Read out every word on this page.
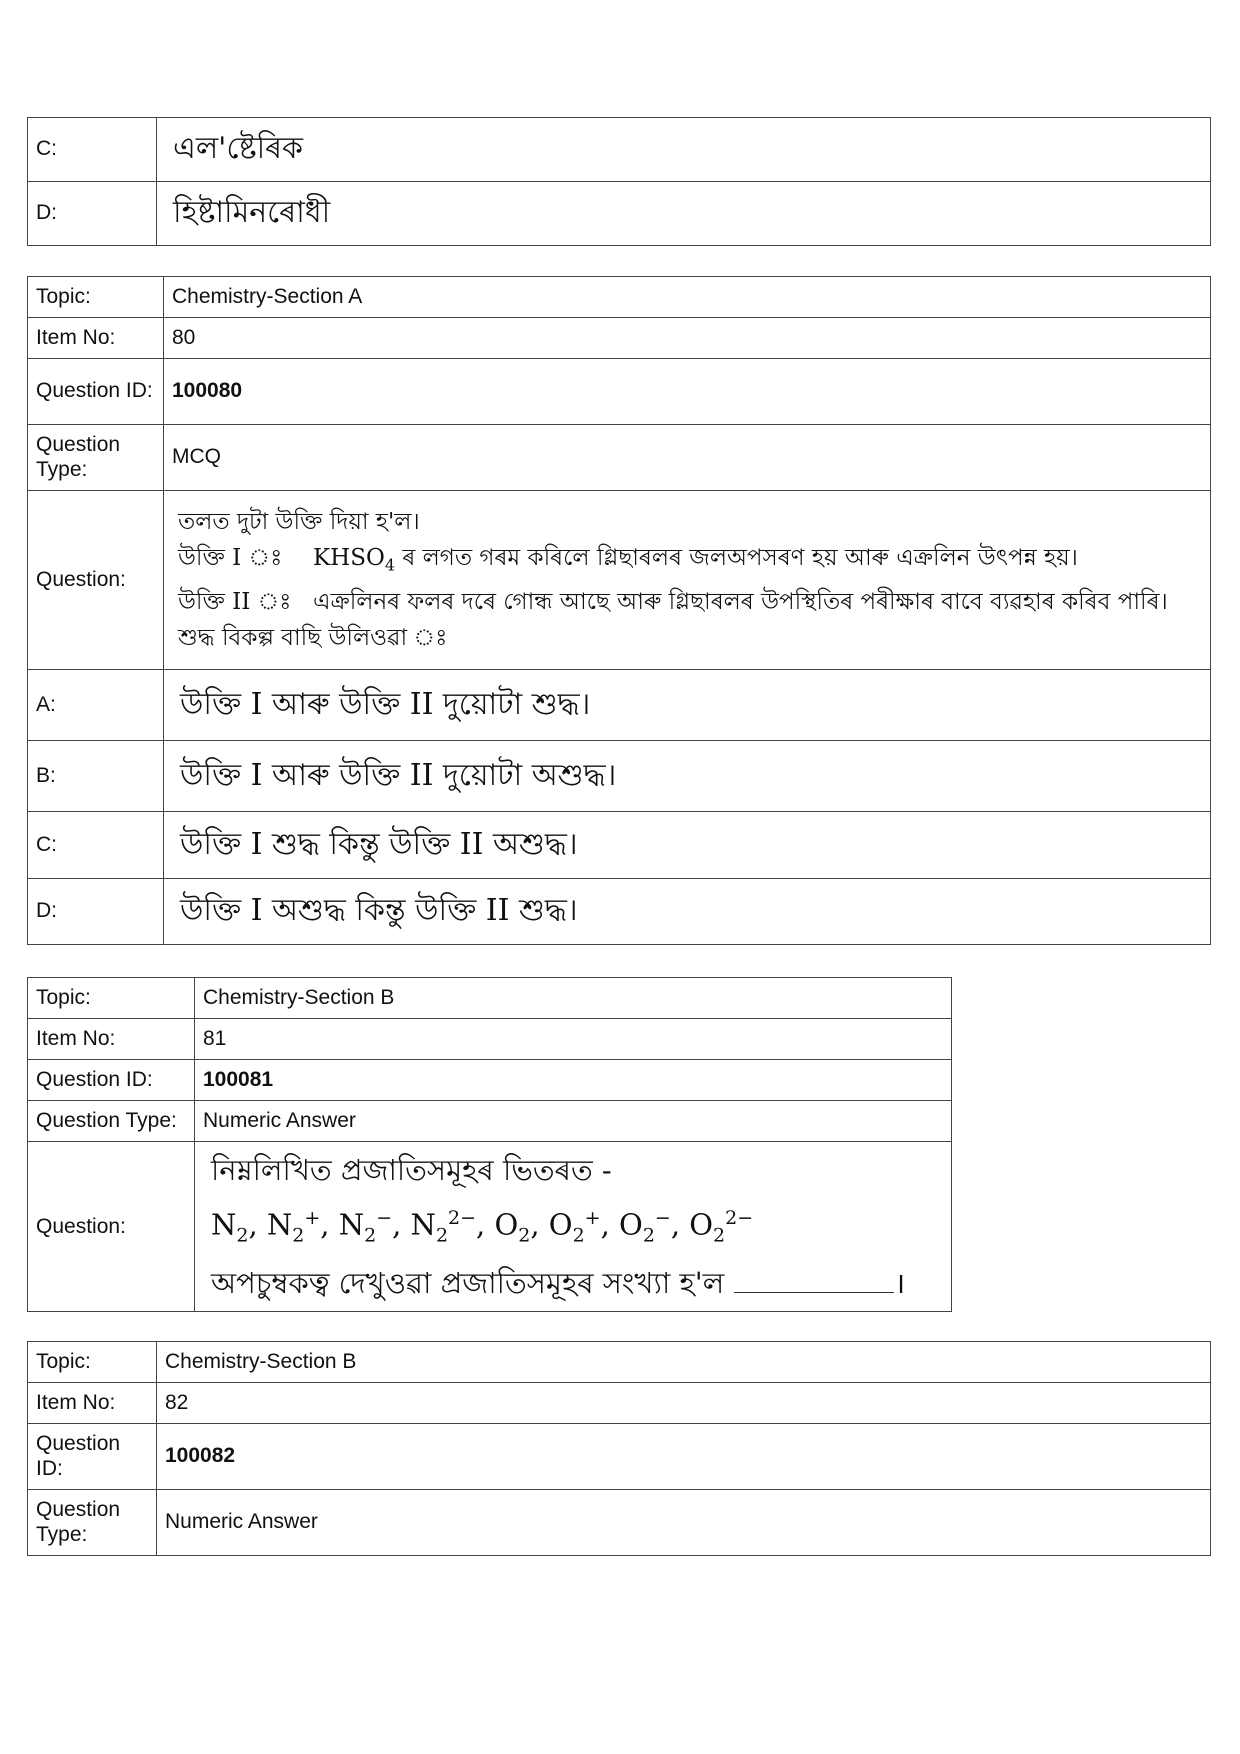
C:	এল'ষ্টেৰিক
D:	হিষ্টামিনৰোধী
Topic:	Chemistry-Section A
Item No:	80
Question ID:	100080
Question Type:	MCQ
Question:	তলত দুটা উক্তি দিয়া হ'ল।
উক্তি I ঃ $KHSO_4$ ৰ লগত গৰম কৰিলে গ্লিছাৰলৰ জলঅপসৰণ হয় আৰু এক্ৰলিন উৎপন্ন হয়।
উক্তি II ঃ এক্ৰলিনৰ ফলৰ দৰে গোন্ধ আছে আৰু গ্লিছাৰলৰ উপস্থিতিৰ পৰীক্ষাৰ বাবে ব্যৱহাৰ কৰিব পাৰি।
শুদ্ধ বিকল্প বাছি উলিওৱা ঃ

A:	উক্তি I আৰু উক্তি II দুয়োটা শুদ্ধ।
B:	উক্তি I আৰু উক্তি II দুয়োটা অশুদ্ধ।
C:	উক্তি I শুদ্ধ কিন্তু উক্তি II অশুদ্ধ।
D:	উক্তি I অশুদ্ধ কিন্তু উক্তি II শুদ্ধ।
Topic:	Chemistry-Section B
Item No:	81
Question ID:	100081
Question Type:	Numeric Answer
Question:	নিম্নলিখিত প্ৰজাতিসমূহৰ ভিতৰত -
$N_2$, $N_2^+$, $N_2^-$, $N_2^{2-}$, $O_2$, $O_2^+$, $O_2^-$, $O_2^{2-}$
অপচুম্বকত্ব দেখুওৱা প্ৰজাতিসমূহৰ সংখ্যা হ'ল ।
Topic:	Chemistry-Section B
Item No:	82
Question ID:	100082
Question Type:	Numeric Answer
